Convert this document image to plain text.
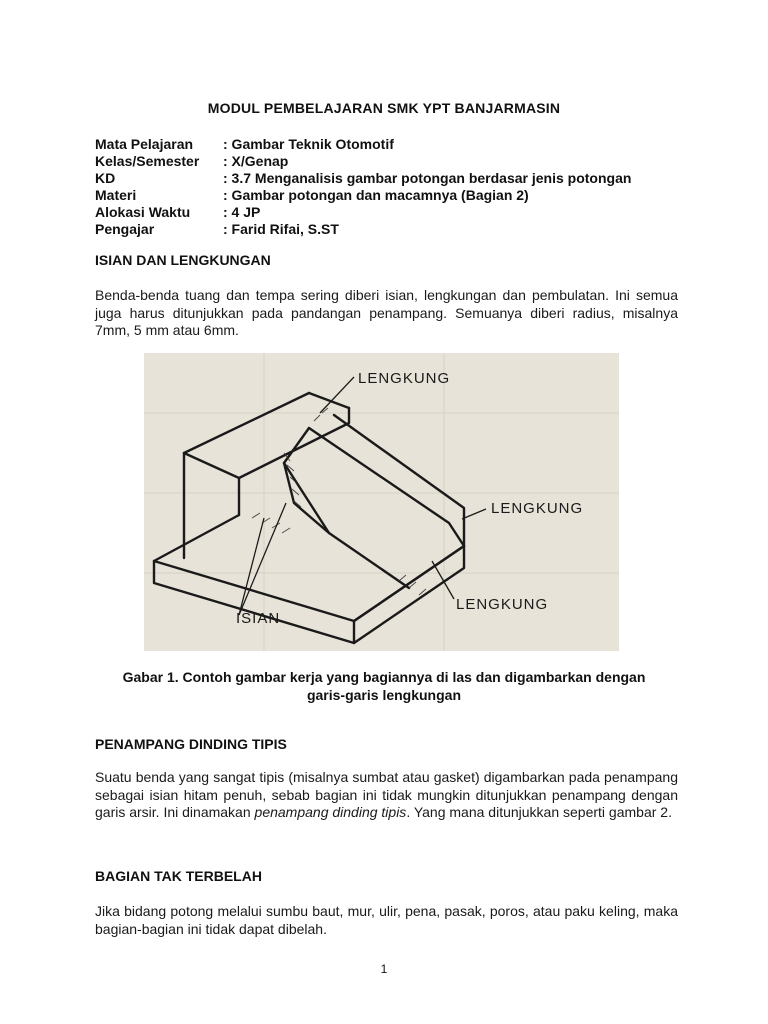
MODUL PEMBELAJARAN SMK YPT BANJARMASIN
Mata Pelajaran : Gambar Teknik Otomotif
Kelas/Semester : X/Genap
KD	: 3.7 Menganalisis gambar potongan berdasar jenis potongan
Materi	: Gambar potongan dan macamnya (Bagian 2)
Alokasi Waktu : 4 JP
Pengajar	: Farid Rifai, S.ST
ISIAN DAN LENGKUNGAN

Benda-benda tuang dan tempa sering diberi isian, lengkungan dan pembulatan. Ini semua juga harus ditunjukkan pada pandangan penampang. Semuanya diberi radius, misalnya 7mm, 5 mm atau 6mm.

LENGKUNG
LENGKUNG
LENGKUNG
ISIAN
Gabar 1. Contoh gambar kerja yang bagiannya di las dan digambarkan dengan
garis-garis lengkungan
PENAMPANG DINDING TIPIS

Suatu benda yang sangat tipis (misalnya sumbat atau gasket) digambarkan pada penampang sebagai isian hitam penuh, sebab bagian ini tidak mungkin ditunjukkan penampang dengan garis arsir. Ini dinamakan penampang dinding tipis. Yang mana ditunjukkan seperti gambar 2.

BAGIAN TAK TERBELAH

Jika bidang potong melalui sumbu baut, mur, ulir, pena, pasak, poros, atau paku keling, maka bagian-bagian ini tidak dapat dibelah.

1
